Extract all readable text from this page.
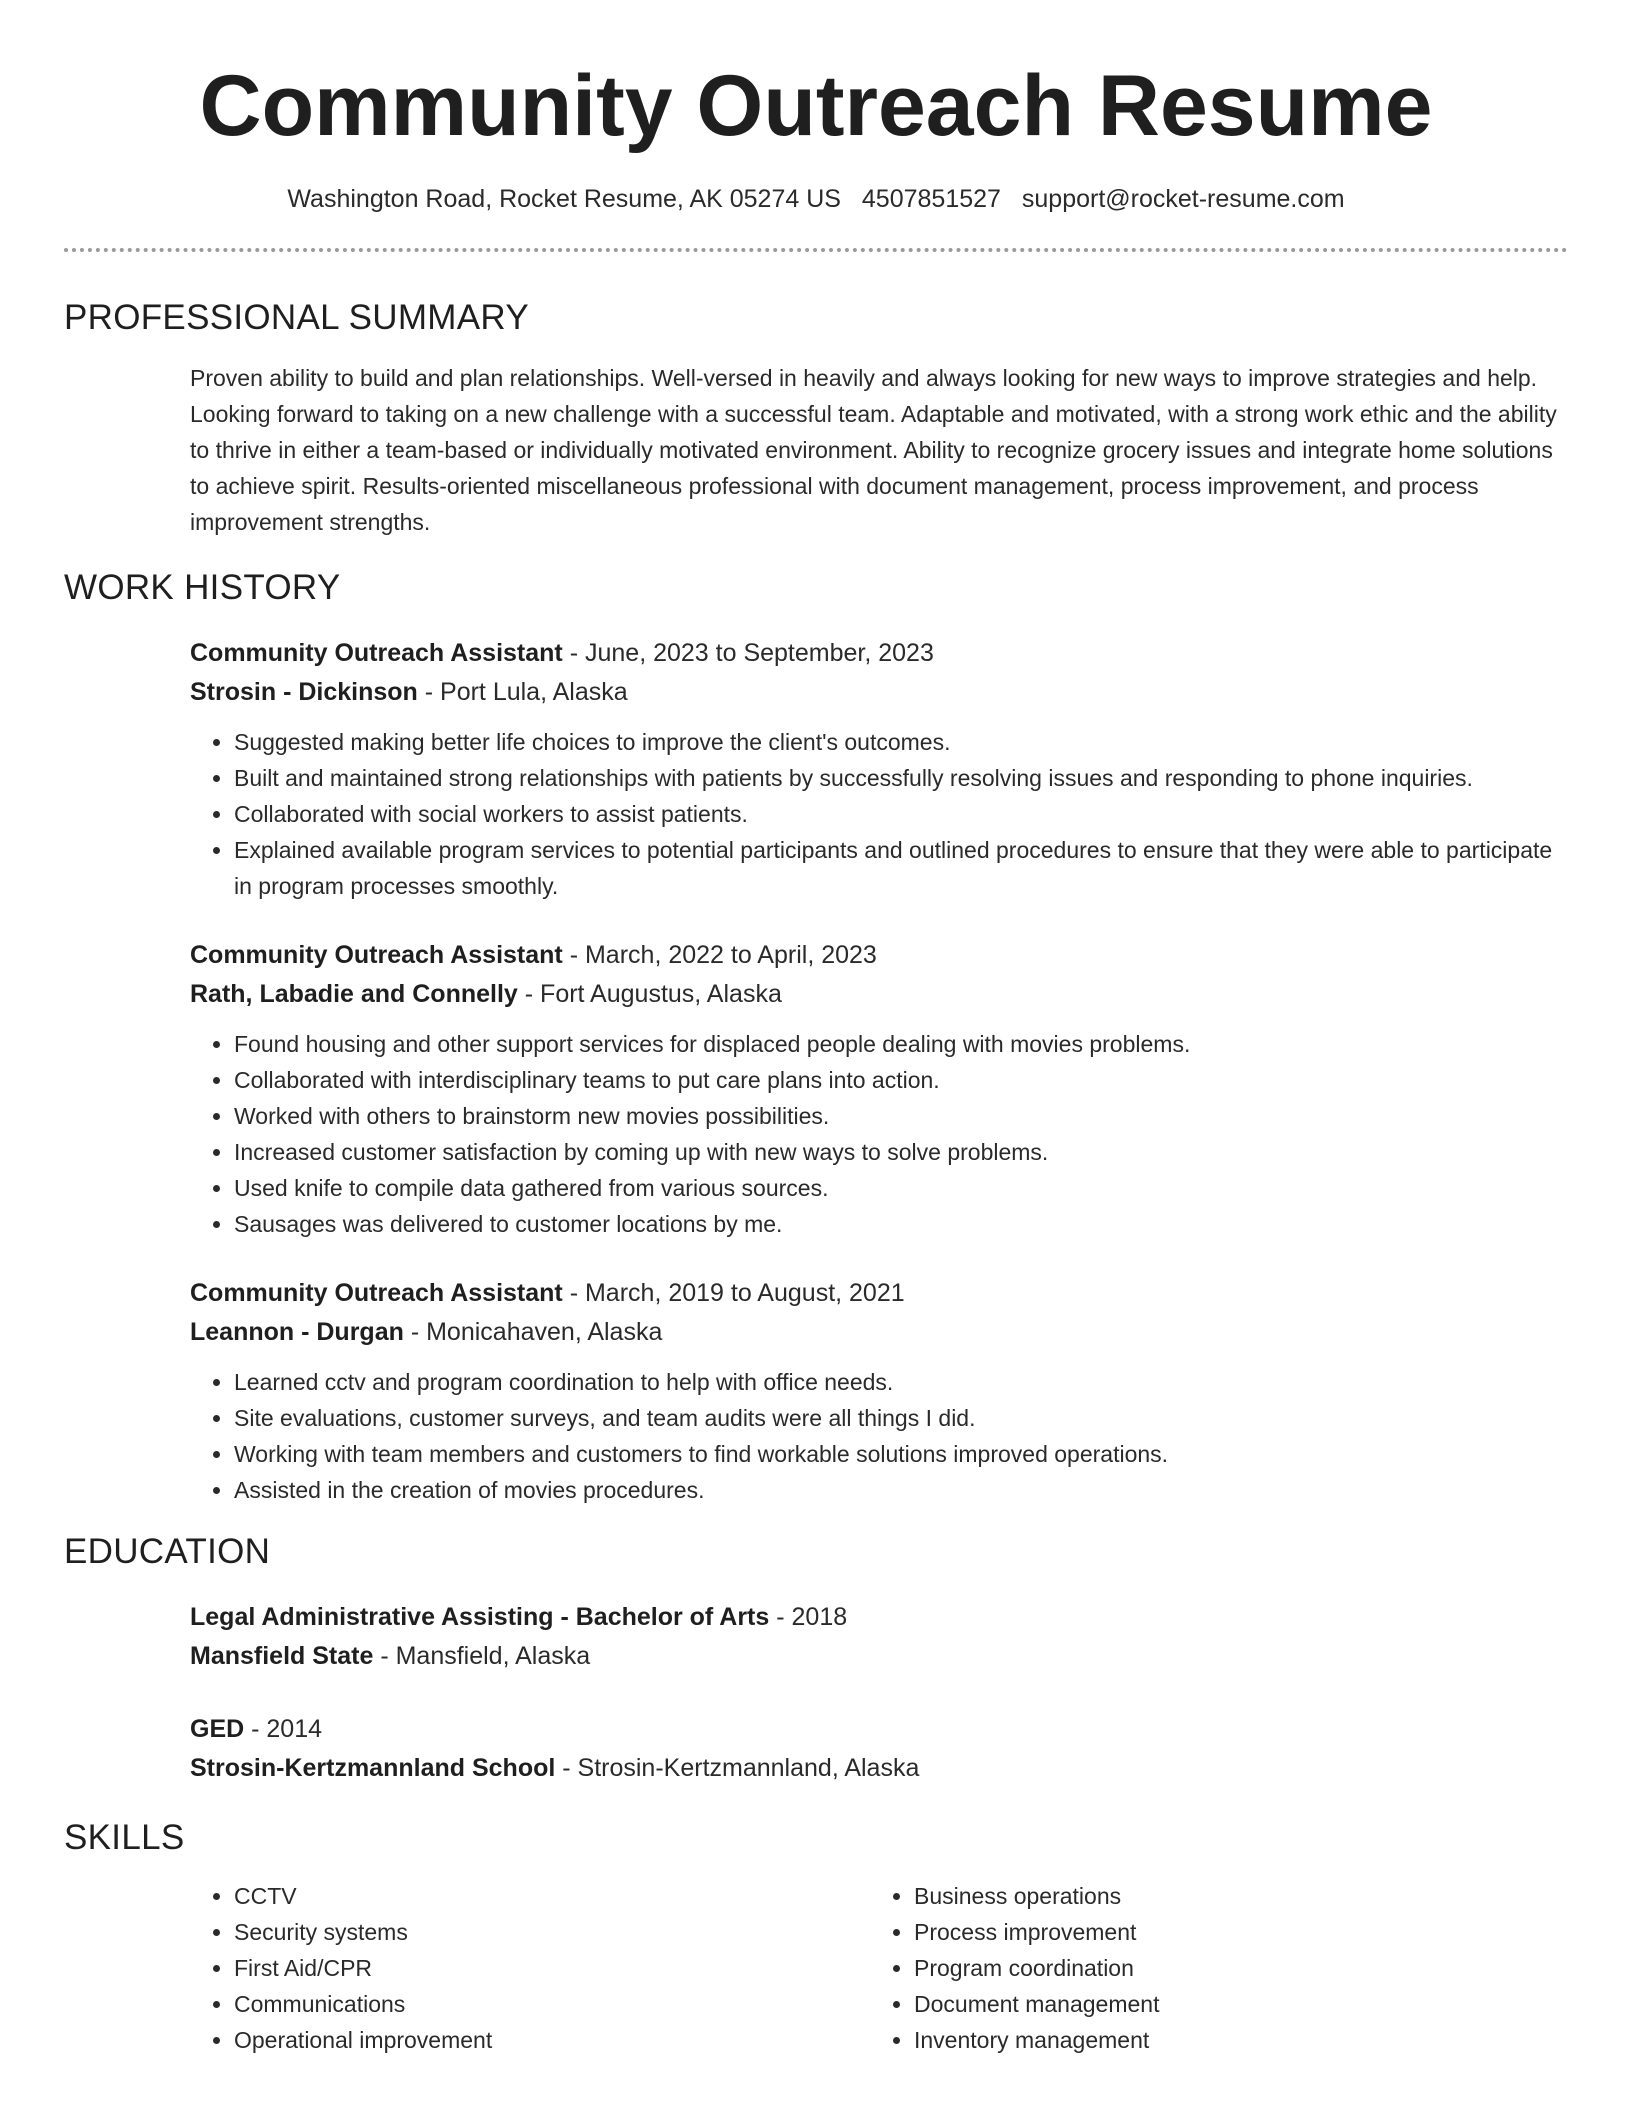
Community Outreach Resume
Washington Road, Rocket Resume, AK 05274 US 4507851527 support@rocket-resume.com
PROFESSIONAL SUMMARY
Proven ability to build and plan relationships. Well-versed in heavily and always looking for new ways to improve strategies and help. Looking forward to taking on a new challenge with a successful team. Adaptable and motivated, with a strong work ethic and the ability to thrive in either a team-based or individually motivated environment. Ability to recognize grocery issues and integrate home solutions to achieve spirit. Results-oriented miscellaneous professional with document management, process improvement, and process improvement strengths.
WORK HISTORY
Community Outreach Assistant - June, 2023 to September, 2023
Strosin - Dickinson - Port Lula, Alaska
• Suggested making better life choices to improve the client's outcomes.
• Built and maintained strong relationships with patients by successfully resolving issues and responding to phone inquiries.
• Collaborated with social workers to assist patients.
• Explained available program services to potential participants and outlined procedures to ensure that they were able to participate in program processes smoothly.
Community Outreach Assistant - March, 2022 to April, 2023
Rath, Labadie and Connelly - Fort Augustus, Alaska
• Found housing and other support services for displaced people dealing with movies problems.
• Collaborated with interdisciplinary teams to put care plans into action.
• Worked with others to brainstorm new movies possibilities.
• Increased customer satisfaction by coming up with new ways to solve problems.
• Used knife to compile data gathered from various sources.
• Sausages was delivered to customer locations by me.
Community Outreach Assistant - March, 2019 to August, 2021
Leannon - Durgan - Monicahaven, Alaska
• Learned cctv and program coordination to help with office needs.
• Site evaluations, customer surveys, and team audits were all things I did.
• Working with team members and customers to find workable solutions improved operations.
• Assisted in the creation of movies procedures.
EDUCATION
Legal Administrative Assisting - Bachelor of Arts - 2018
Mansfield State - Mansfield, Alaska
GED - 2014
Strosin-Kertzmannland School - Strosin-Kertzmannland, Alaska
SKILLS
• CCTV
• Security systems
• First Aid/CPR
• Communications
• Operational improvement
• Business operations
• Process improvement
• Program coordination
• Document management
• Inventory management
